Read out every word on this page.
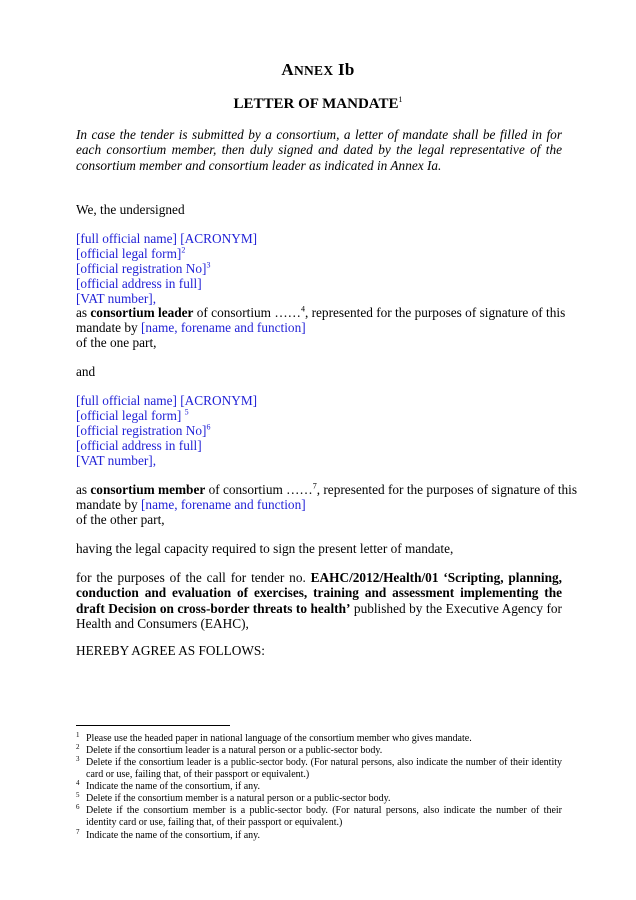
ANNEX Ib
LETTER OF MANDATE$^1$
In case the tender is submitted by a consortium, a letter of mandate shall be filled in for each consortium member, then duly signed and dated by the legal representative of the consortium member and consortium leader as indicated in Annex Ia.
We, the undersigned
[full official name] [ACRONYM]
[official legal form]$^2$
[official registration No]$^3$
[official address in full]
[VAT number],
as consortium leader of consortium ……$^4$, represented for the purposes of signature of this
mandate by [name, forename and function]
of the one part,
and
[full official name] [ACRONYM]
[official legal form] $^5$
[official registration No]$^6$
[official address in full]
[VAT number],
as consortium member of consortium ……$^7$, represented for the purposes of signature of this
mandate by [name, forename and function]
of the other part,
having the legal capacity required to sign the present letter of mandate,
for the purposes of the call for tender no. EAHC/2012/Health/01 ‘Scripting, planning, conduction and evaluation of exercises, training and assessment implementing the draft Decision on cross-border threats to health’ published by the Executive Agency for Health and Consumers (EAHC),
HEREBY AGREE AS FOLLOWS:
1 Please use the headed paper in national language of the consortium member who gives mandate.
2 Delete if the consortium leader is a natural person or a public-sector body.
3 Delete if the consortium leader is a public-sector body. (For natural persons, also indicate the number of their identity card or use, failing that, of their passport or equivalent.)
4 Indicate the name of the consortium, if any.
5 Delete if the consortium member is a natural person or a public-sector body.
6 Delete if the consortium member is a public-sector body. (For natural persons, also indicate the number of their identity card or use, failing that, of their passport or equivalent.)
7 Indicate the name of the consortium, if any.
